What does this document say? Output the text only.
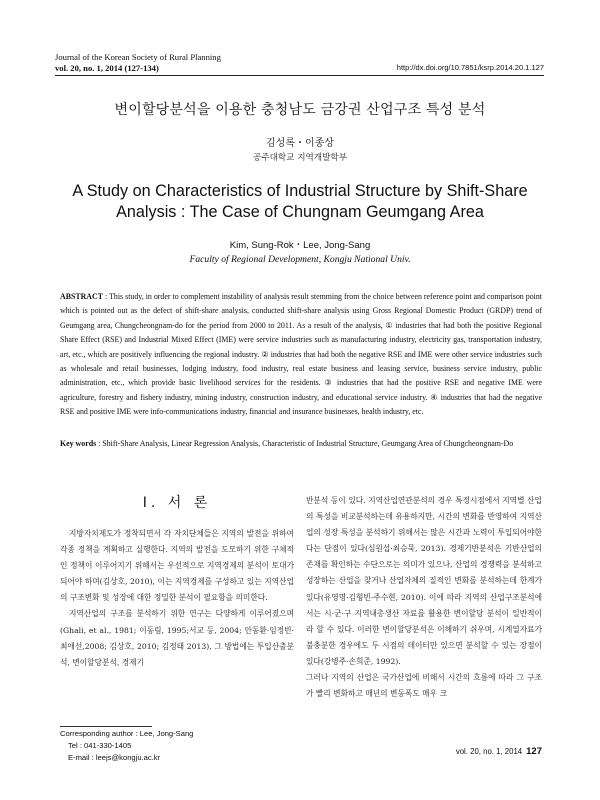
Journal of the Korean Society of Rural Planning
vol. 20, no. 1, 2014 (127-134)	http://dx.doi.org/10.7851/ksrp.2014.20.1.127
변이할당분석을 이용한 충청남도 금강권 산업구조 특성 분석
김성록・이종상
공주대학교 지역개발학부
A Study on Characteristics of Industrial Structure by Shift-Share
Analysis : The Case of Chungnam Geumgang Area
Kim, Sung-Rok・Lee, Jong-Sang
Faculty of Regional Development, Kongju National Univ.
ABSTRACT : This study, in order to complement instability of analysis result stemming from the choice between reference point and comparison point which is pointed out as the defect of shift-share analysis, conducted shift-share analysis using Gross Regional Domestic Product (GRDP) trend of Geumgang area, Chungcheongnam-do for the period from 2000 to 2011. As a result of the analysis, ① industries that had both the positive Regional Share Effect (RSE) and Industrial Mixed Effect (IME) were service industries such as manufacturing industry, electricity gas, transportation industry, art, etc., which are positively influencing the regional industry. ② industries that had both the negative RSE and IME were other service industries such as wholesale and retail businesses, lodging industry, food industry, real estate business and leasing service, business service industry, public administration, etc., which provide basic livelihood services for the residents. ③ industries that had the positive RSE and negative IME were agriculture, forestry and fishery industry, mining industry, construction industry, and educational service industry. ④ industries that had the negative RSE and positive IME were info-communications industry, financial and insurance businesses, health industry, etc.
Key words : Shift-Share Analysis, Linear Regression Analysis, Characteristic of Industrial Structure, Geumgang Area of Chungcheongnam-Do
I. 서 론

지방자치제도가 정착되면서 각 자치단체들은 지역의 발전을 위하여 각종 정책을 계획하고 실행한다. 지역의 발전을 도모하기 위한 구체적인 정책이 이루어지기 위해서는 우선적으로 지역경제의 분석이 토대가 되어야 하며(김상호, 2010), 이는 지역경제를 구성하고 있는 지역산업의 구조변화 및 성장에 대한 정밀한 분석이 필요함을 의미한다.

지역산업의 구조를 분석하기 위한 연구는 다양하게 이루어졌으며(Ghali, et al., 1981; 이동림, 1995;서교 등, 2004; 안동환·임정빈·최애선,2008; 김상호, 2010; 김정태 2013), 그 방법에는 투입산출분석, 변이할당분석, 경제기

반분석 등이 있다. 지역산업연관분석의 경우 특정시점에서 지역별 산업의 특성을 비교분석하는데 유용하지만, 시간의 변화를 반영하여 지역산업의 성장 특성을 분석하기 위해서는 많은 시간과 노력이 투입되어야한다는 단점이 있다(심원섭·최승묵, 2013). 경제기반분석은 기반산업의 존재를 확인하는 수단으로는 의미가 있으나, 산업의 경쟁력을 분석하고 성장하는 산업을 찾거나 산업자체의 질적인 변화를 분석하는데 한계가 있다(유영명·김형빈·주수현, 2010). 이에 따라 지역의 산업구조분석에서는 시·군·구 지역내총생산 자료를 활용한 변이할당 분석이 일반적이라 할 수 있다. 이러한 변이할당분석은 이해하기 쉬우며, 시계열자료가 불충분한 경우에도 두 시점의 데이터만 있으면 분석할 수 있는 장점이 있다(강병주·손희준, 1992).

그러나 지역의 산업은 국가산업에 비해서 시간의 흐름에 따라 그 구조가 빨리 변화하고 매년의 변동폭도 매우 크

Corresponding author : Lee, Jong-Sang
Tel : 041-330-1405
E-mail : leejs@kongju.ac.kr
vol. 20, no. 1, 2014 127
